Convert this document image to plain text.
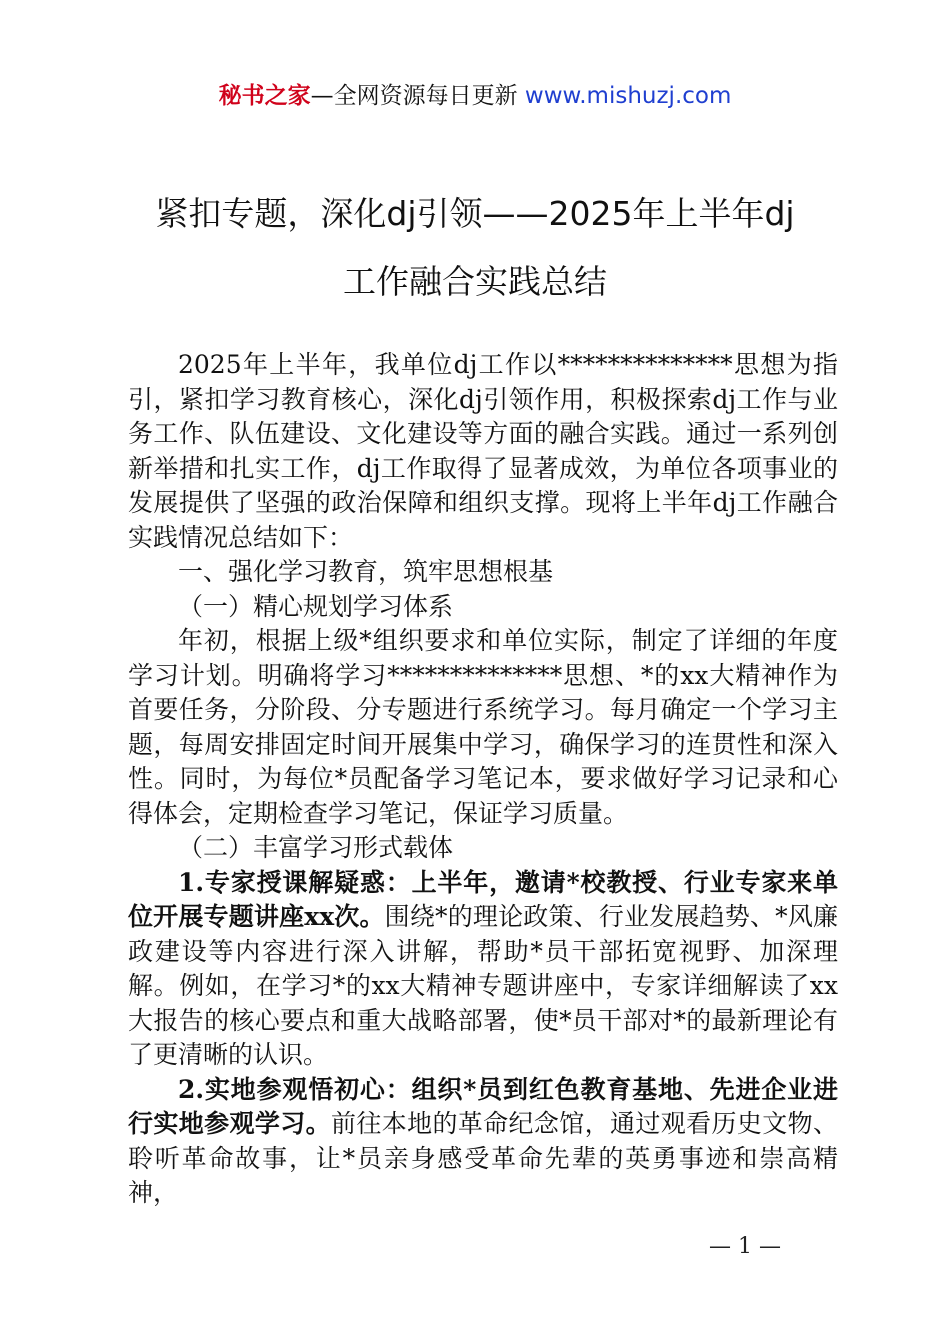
秘书之家—全网资源每日更新 www.mishuzj.com
紧扣专题，深化dj引领——2025年上半年dj
工作融合实践总结

2025年上半年，我单位dj工作以**************思想为指引，紧扣学习教育核心，深化dj引领作用，积极探索dj工作与业务工作、队伍建设、文化建设等方面的融合实践。通过一系列创新举措和扎实工作，dj工作取得了显著成效，为单位各项事业的发展提供了坚强的政治保障和组织支撑。现将上半年dj工作融合实践情况总结如下：

一、强化学习教育，筑牢思想根基

（一）精心规划学习体系

年初，根据上级*组织要求和单位实际，制定了详细的年度学习计划。明确将学习**************思想、*的xx大精神作为首要任务，分阶段、分专题进行系统学习。每月确定一个学习主题，每周安排固定时间开展集中学习，确保学习的连贯性和深入性。同时，为每位*员配备学习笔记本，要求做好学习记录和心得体会，定期检查学习笔记，保证学习质量。

（二）丰富学习形式载体

1.专家授课解疑惑：上半年，邀请*校教授、行业专家来单位开展专题讲座xx次。围绕*的理论政策、行业发展趋势、*风廉政建设等内容进行深入讲解，帮助*员干部拓宽视野、加深理解。例如，在学习*的xx大精神专题讲座中，专家详细解读了xx大报告的核心要点和重大战略部署，使*员干部对*的最新理论有了更清晰的认识。

2.实地参观悟初心：组织*员到红色教育基地、先进企业进行实地参观学习。前往本地的革命纪念馆，通过观看历史文物、聆听革命故事，让*员亲身感受革命先辈的英勇事迹和崇高精神，

— 1 —
